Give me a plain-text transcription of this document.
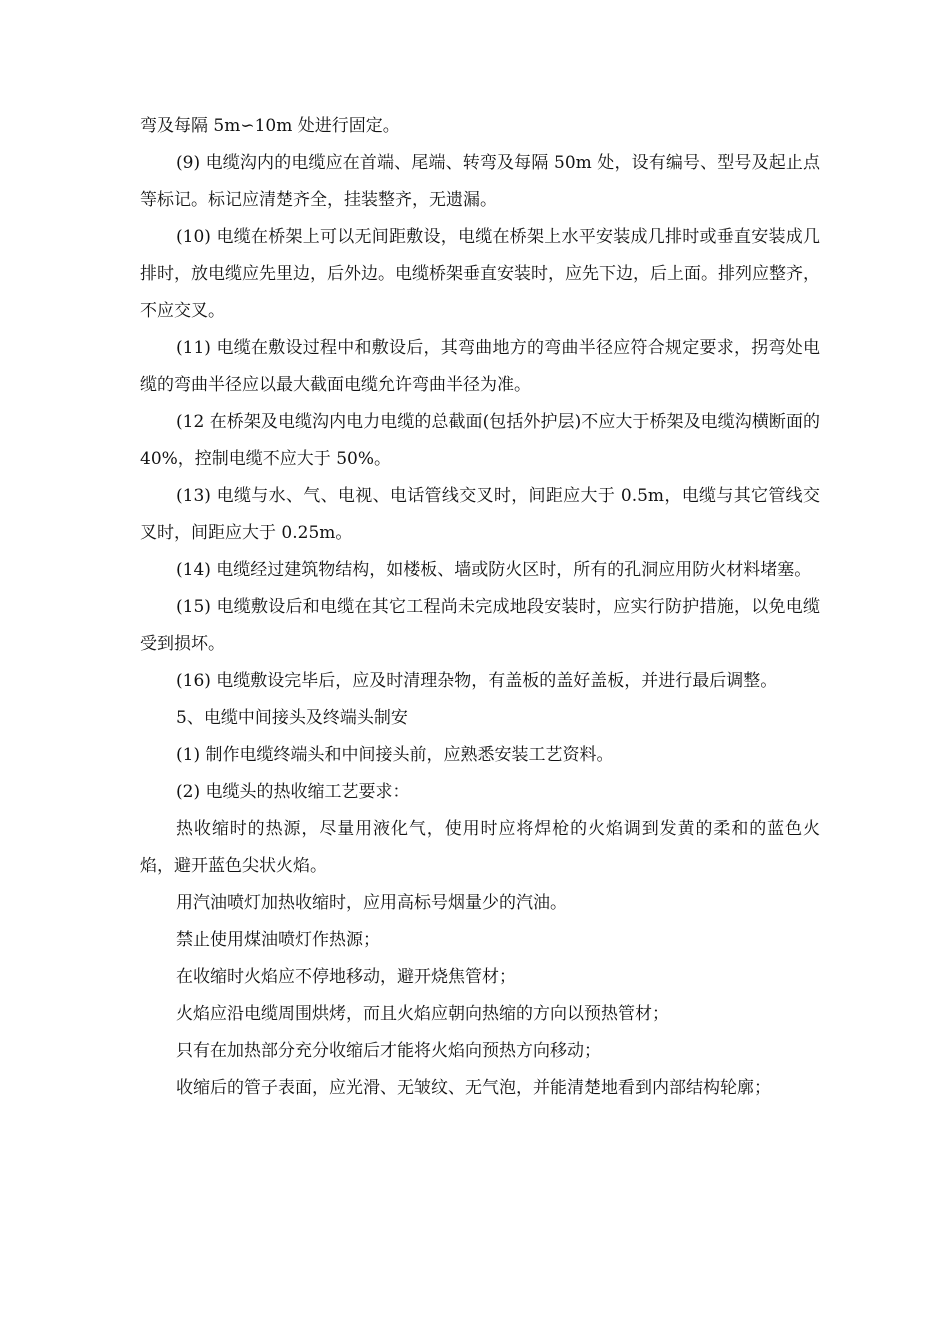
弯及每隔 5m∽10m 处进行固定。

(9) 电缆沟内的电缆应在首端、尾端、转弯及每隔 50m 处，设有编号、型号及起止点等标记。标记应清楚齐全，挂装整齐，无遗漏。

(10) 电缆在桥架上可以无间距敷设，电缆在桥架上水平安装成几排时或垂直安装成几排时，放电缆应先里边，后外边。电缆桥架垂直安装时，应先下边，后上面。排列应整齐，不应交叉。

(11) 电缆在敷设过程中和敷设后，其弯曲地方的弯曲半径应符合规定要求，拐弯处电缆的弯曲半径应以最大截面电缆允许弯曲半径为准。

(12 在桥架及电缆沟内电力电缆的总截面(包括外护层)不应大于桥架及电缆沟横断面的 40%，控制电缆不应大于 50%。

(13) 电缆与水、气、电视、电话管线交叉时，间距应大于 0.5m，电缆与其它管线交叉时，间距应大于 0.25m。

(14) 电缆经过建筑物结构，如楼板、墙或防火区时，所有的孔洞应用防火材料堵塞。

(15) 电缆敷设后和电缆在其它工程尚未完成地段安装时，应实行防护措施，以免电缆受到损坏。

(16) 电缆敷设完毕后，应及时清理杂物，有盖板的盖好盖板，并进行最后调整。

5、电缆中间接头及终端头制安

(1) 制作电缆终端头和中间接头前，应熟悉安装工艺资料。

(2) 电缆头的热收缩工艺要求：

热收缩时的热源，尽量用液化气，使用时应将焊枪的火焰调到发黄的柔和的蓝色火焰，避开蓝色尖状火焰。

用汽油喷灯加热收缩时，应用高标号烟量少的汽油。

禁止使用煤油喷灯作热源；

在收缩时火焰应不停地移动，避开烧焦管材；

火焰应沿电缆周围烘烤，而且火焰应朝向热缩的方向以预热管材；

只有在加热部分充分收缩后才能将火焰向预热方向移动；

收缩后的管子表面，应光滑、无皱纹、无气泡，并能清楚地看到内部结构轮廓；
